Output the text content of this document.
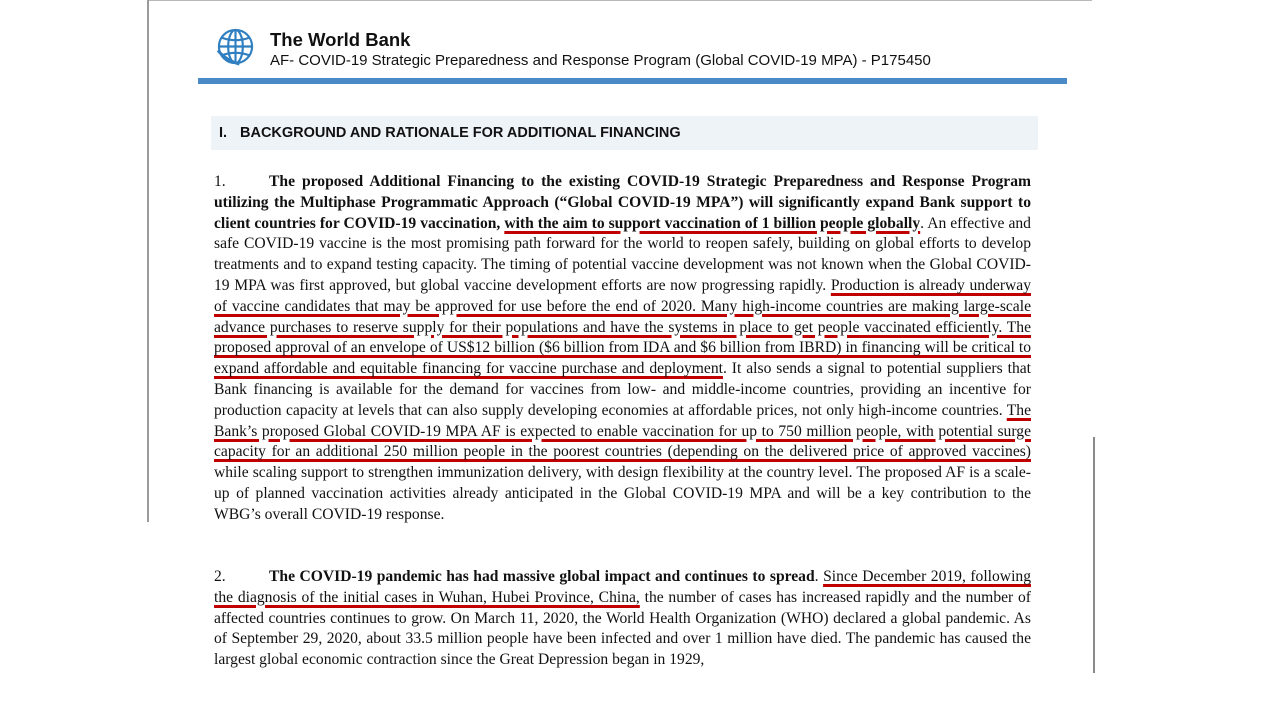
The World Bank
AF- COVID-19 Strategic Preparedness and Response Program (Global COVID-19 MPA) - P175450
I. BACKGROUND AND RATIONALE FOR ADDITIONAL FINANCING

1.	The proposed Additional Financing to the existing COVID-19 Strategic Preparedness and Response Program utilizing the Multiphase Programmatic Approach (“Global COVID-19 MPA”) will significantly expand Bank support to client countries for COVID-19 vaccination, with the aim to support vaccination of 1 billion people globally. An effective and safe COVID-19 vaccine is the most promising path forward for the world to reopen safely, building on global efforts to develop treatments and to expand testing capacity. The timing of potential vaccine development was not known when the Global COVID-19 MPA was first approved, but global vaccine development efforts are now progressing rapidly. Production is already underway of vaccine candidates that may be approved for use before the end of 2020. Many high-income countries are making large-scale advance purchases to reserve supply for their populations and have the systems in place to get people vaccinated efficiently. The proposed approval of an envelope of US$12 billion ($6 billion from IDA and $6 billion from IBRD) in financing will be critical to expand affordable and equitable financing for vaccine purchase and deployment. It also sends a signal to potential suppliers that Bank financing is available for the demand for vaccines from low- and middle-income countries, providing an incentive for production capacity at levels that can also supply developing economies at affordable prices, not only high-income countries. The Bank’s proposed Global COVID-19 MPA AF is expected to enable vaccination for up to 750 million people, with potential surge capacity for an additional 250 million people in the poorest countries (depending on the delivered price of approved vaccines) while scaling support to strengthen immunization delivery, with design flexibility at the country level. The proposed AF is a scale-up of planned vaccination activities already anticipated in the Global COVID-19 MPA and will be a key contribution to the WBG’s overall COVID-19 response.

2.	The COVID-19 pandemic has had massive global impact and continues to spread. Since December 2019, following the diagnosis of the initial cases in Wuhan, Hubei Province, China, the number of cases has increased rapidly and the number of affected countries continues to grow. On March 11, 2020, the World Health Organization (WHO) declared a global pandemic. As of September 29, 2020, about 33.5 million people have been infected and over 1 million have died. The pandemic has caused the largest global economic contraction since the Great Depression began in 1929,
